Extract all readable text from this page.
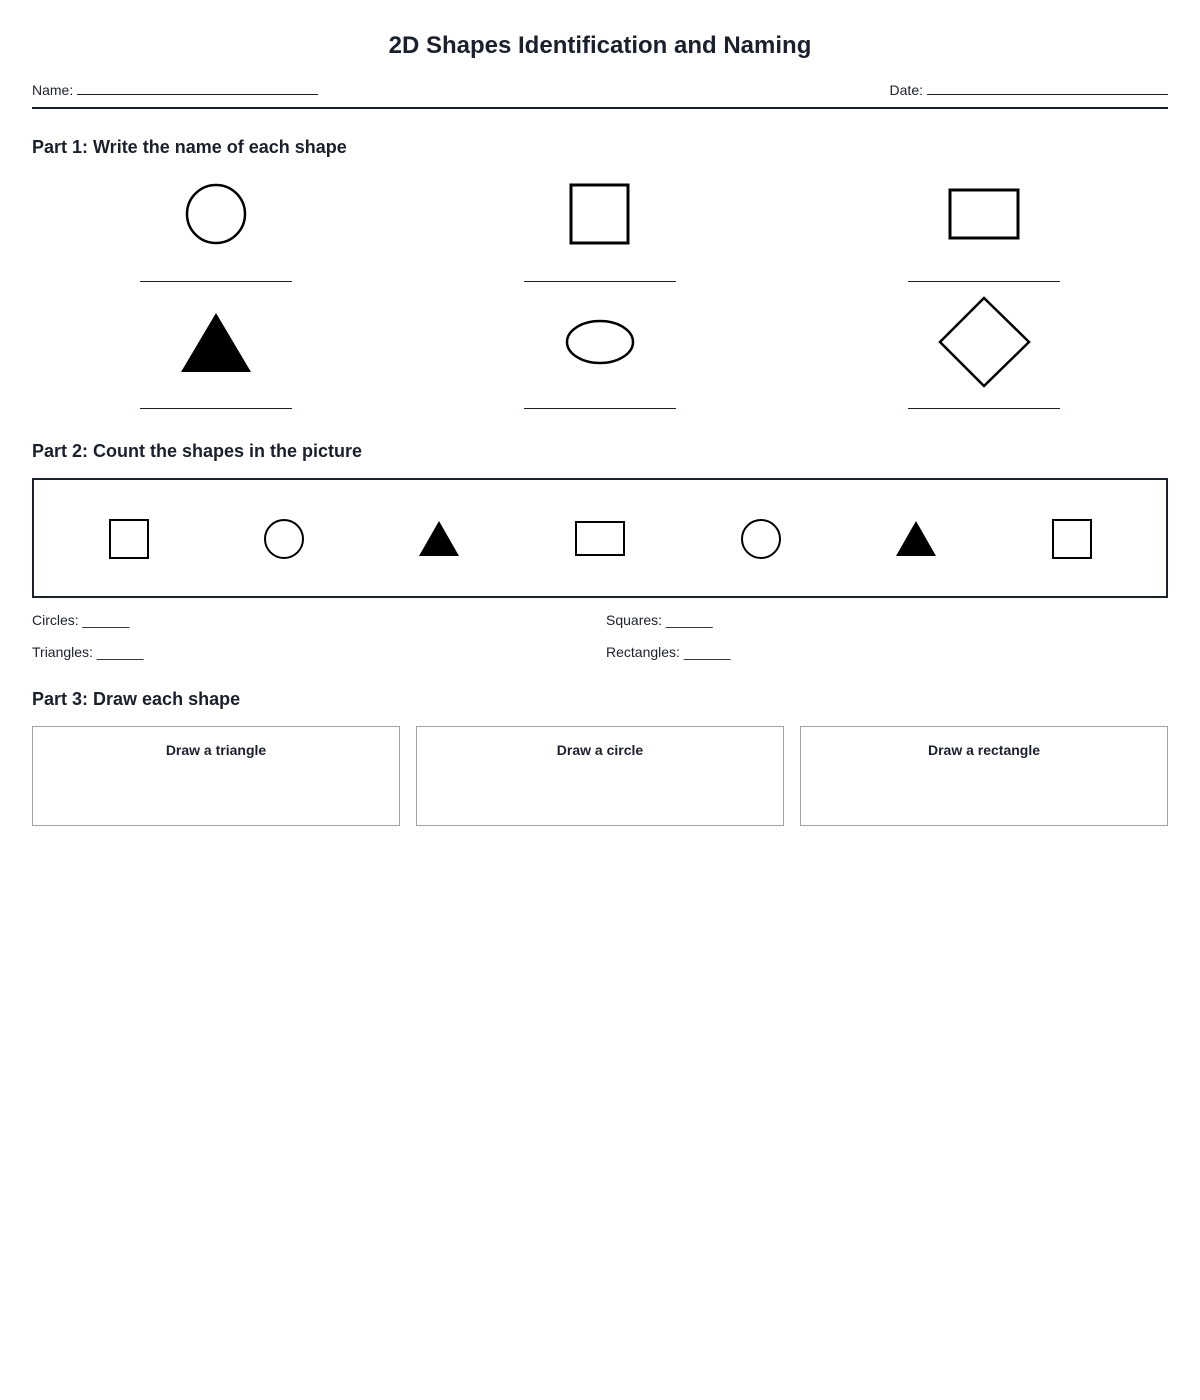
2D Shapes Identification and Naming
Name:	Date:
Part 1: Write the name of each shape
Part 2: Count the shapes in the picture
Circles: ______	Squares: ______
Triangles: ______	Rectangles: ______
Part 3: Draw each shape
Draw a triangle	Draw a circle	Draw a rectangle
